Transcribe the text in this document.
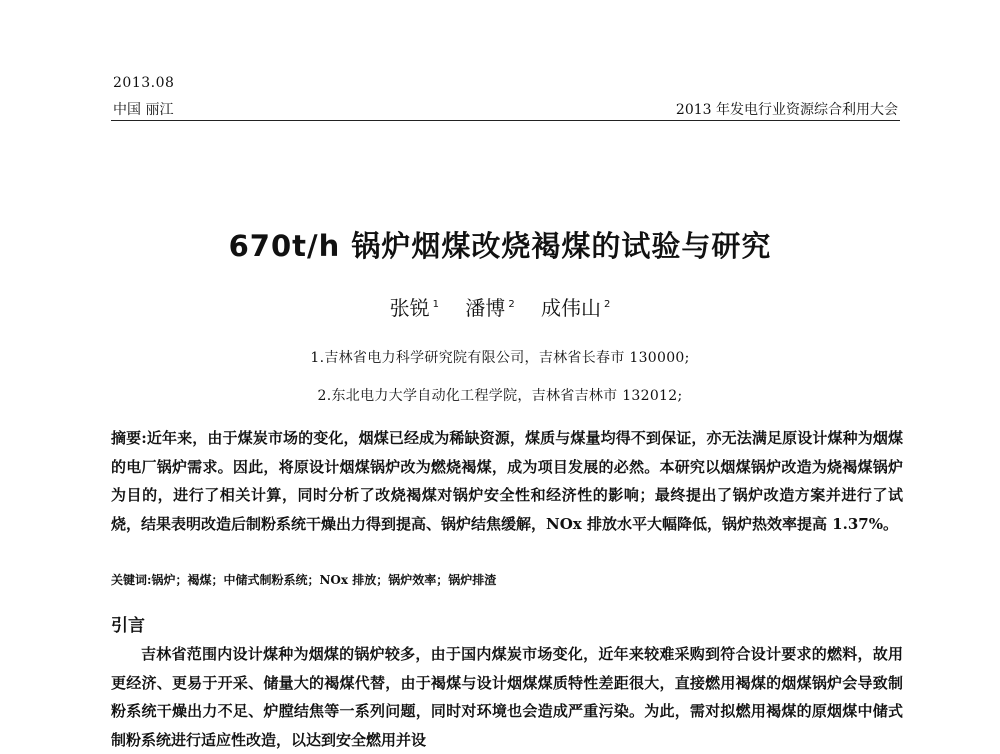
2013.08
中国 丽江	2013 年发电行业资源综合利用大会
670t/h 锅炉烟煤改烧褐煤的试验与研究
张锐 $^1$ 潘博 $^2$ 成伟山 $^2$
1.吉林省电力科学研究院有限公司，吉林省长春市 130000;
2.东北电力大学自动化工程学院，吉林省吉林市 132012;
摘要:近年来，由于煤炭市场的变化，烟煤已经成为稀缺资源，煤质与煤量均得不到保证，亦无法满足原设计煤种为烟煤的电厂锅炉需求。因此，将原设计烟煤锅炉改为燃烧褐煤，成为项目发展的必然。本研究以烟煤锅炉改造为烧褐煤锅炉为目的，进行了相关计算，同时分析了改烧褐煤对锅炉安全性和经济性的影响；最终提出了锅炉改造方案并进行了试烧，结果表明改造后制粉系统干燥出力得到提高、锅炉结焦缓解，NOx 排放水平大幅降低，锅炉热效率提高 1.37%。
关键词:锅炉；褐煤；中储式制粉系统；NOx 排放；锅炉效率；锅炉排渣
引言
吉林省范围内设计煤种为烟煤的锅炉较多，由于国内煤炭市场变化，近年来较难采购到符合设计要求的燃料，故用更经济、更易于开采、储量大的褐煤代替，由于褐煤与设计烟煤煤质特性差距很大，直接燃用褐煤的烟煤锅炉会导致制粉系统干燥出力不足、炉膛结焦等一系列问题，同时对环境也会造成严重污染。为此，需对拟燃用褐煤的原烟煤中储式制粉系统进行适应性改造，以达到安全燃用并设
